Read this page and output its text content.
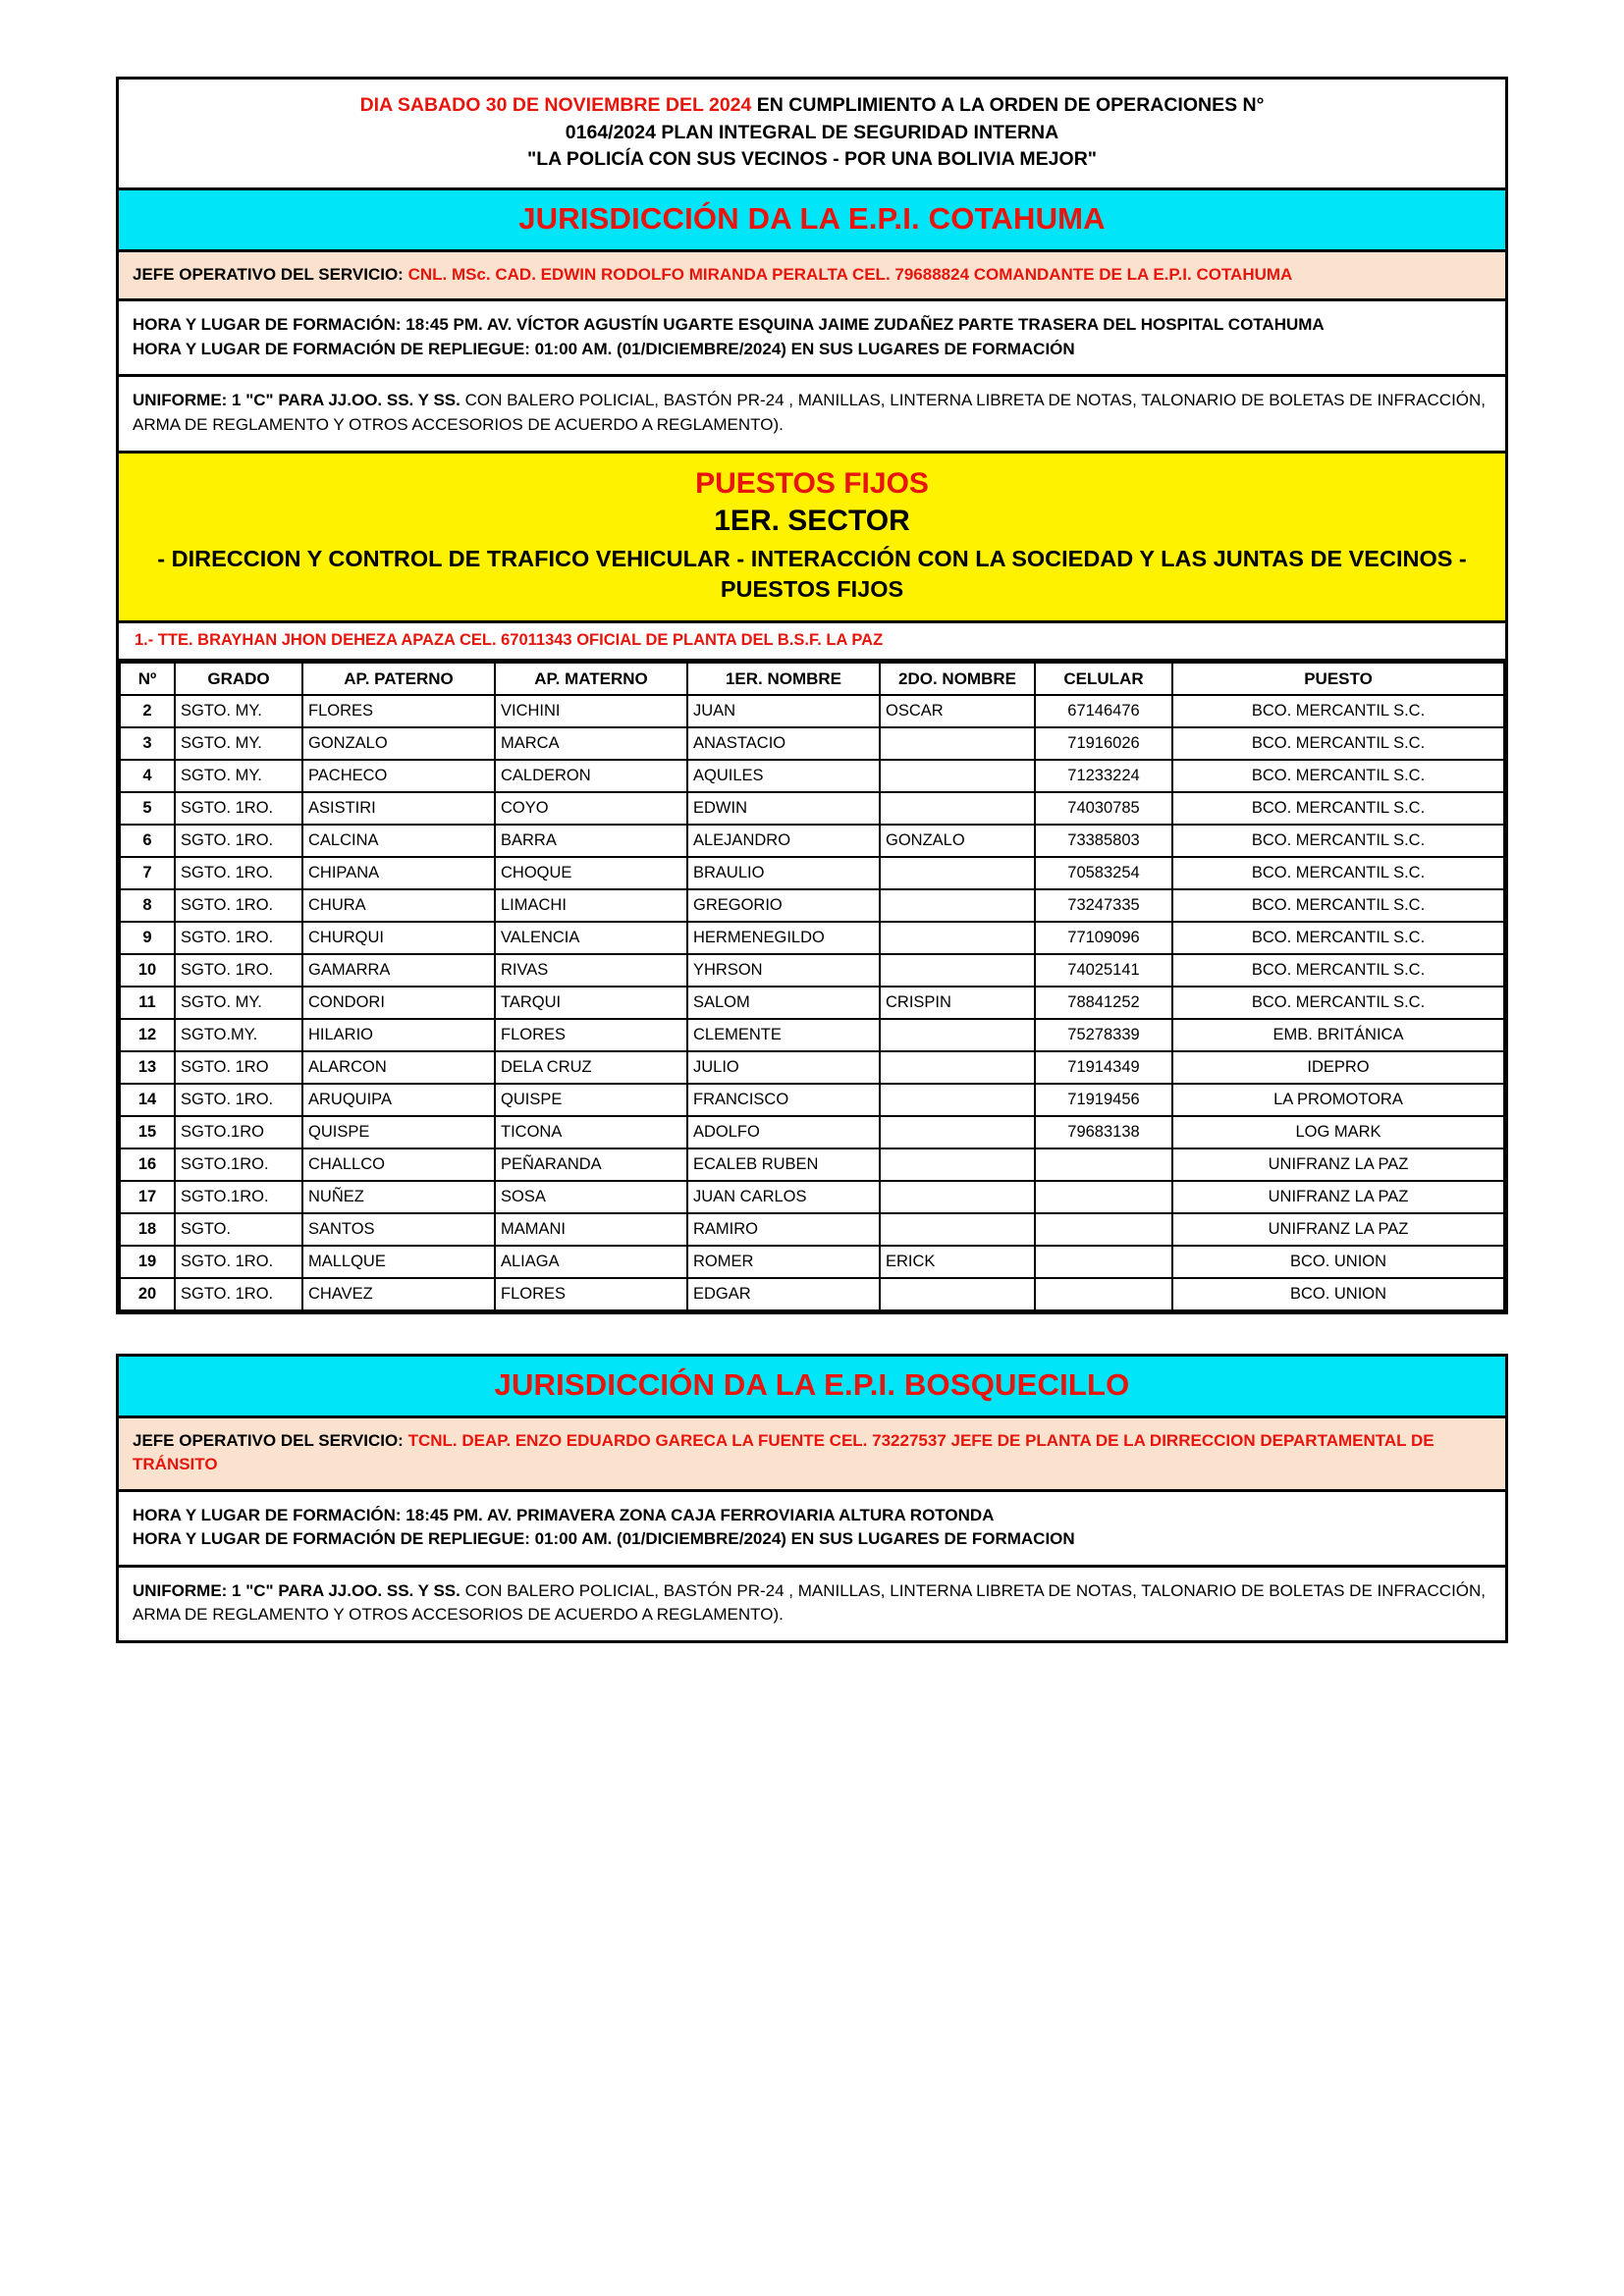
DIA SABADO 30 DE NOVIEMBRE DEL 2024 EN CUMPLIMIENTO A LA ORDEN DE OPERACIONES N°
0164/2024 PLAN INTEGRAL DE SEGURIDAD INTERNA
"LA POLICÍA CON SUS VECINOS - POR UNA BOLIVIA MEJOR"
JURISDICCIÓN DA LA E.P.I. COTAHUMA
JEFE OPERATIVO DEL SERVICIO: CNL. MSc. CAD. EDWIN RODOLFO MIRANDA PERALTA CEL. 79688824 COMANDANTE DE LA E.P.I. COTAHUMA
HORA Y LUGAR DE FORMACIÓN: 18:45 PM. AV. VÍCTOR AGUSTÍN UGARTE ESQUINA JAIME ZUDAÑEZ PARTE TRASERA DEL HOSPITAL COTAHUMA
HORA Y LUGAR DE FORMACIÓN DE REPLIEGUE: 01:00 AM. (01/DICIEMBRE/2024) EN SUS LUGARES DE FORMACIÓN
UNIFORME: 1 "C" PARA JJ.OO. SS. Y SS. CON BALERO POLICIAL, BASTÓN PR-24 , MANILLAS, LINTERNA LIBRETA DE NOTAS, TALONARIO DE BOLETAS DE INFRACCIÓN, ARMA DE REGLAMENTO Y OTROS ACCESORIOS DE ACUERDO A REGLAMENTO).
PUESTOS FIJOS
1ER. SECTOR
- DIRECCION Y CONTROL DE TRAFICO VEHICULAR - INTERACCIÓN CON LA SOCIEDAD Y LAS JUNTAS DE VECINOS - PUESTOS FIJOS
1.- TTE. BRAYHAN JHON DEHEZA APAZA CEL. 67011343 OFICIAL DE PLANTA DEL B.S.F. LA PAZ
Nº	GRADO	AP. PATERNO	AP. MATERNO	1ER. NOMBRE	2DO. NOMBRE	CELULAR	PUESTO
2	SGTO. MY.	FLORES	VICHINI	JUAN	OSCAR	67146476	BCO. MERCANTIL S.C.
3	SGTO. MY.	GONZALO	MARCA	ANASTACIO		71916026	BCO. MERCANTIL S.C.
4	SGTO. MY.	PACHECO	CALDERON	AQUILES		71233224	BCO. MERCANTIL S.C.
5	SGTO. 1RO.	ASISTIRI	COYO	EDWIN		74030785	BCO. MERCANTIL S.C.
6	SGTO. 1RO.	CALCINA	BARRA	ALEJANDRO	GONZALO	73385803	BCO. MERCANTIL S.C.
7	SGTO. 1RO.	CHIPANA	CHOQUE	BRAULIO		70583254	BCO. MERCANTIL S.C.
8	SGTO. 1RO.	CHURA	LIMACHI	GREGORIO		73247335	BCO. MERCANTIL S.C.
9	SGTO. 1RO.	CHURQUI	VALENCIA	HERMENEGILDO		77109096	BCO. MERCANTIL S.C.
10	SGTO. 1RO.	GAMARRA	RIVAS	YHRSON		74025141	BCO. MERCANTIL S.C.
11	SGTO. MY.	CONDORI	TARQUI	SALOM	CRISPIN	78841252	BCO. MERCANTIL S.C.
12	SGTO.MY.	HILARIO	FLORES	CLEMENTE		75278339	EMB. BRITÁNICA
13	SGTO. 1RO	ALARCON	DELA CRUZ	JULIO		71914349	IDEPRO
14	SGTO. 1RO.	ARUQUIPA	QUISPE	FRANCISCO		71919456	LA PROMOTORA
15	SGTO.1RO	QUISPE	TICONA	ADOLFO		79683138	LOG MARK
16	SGTO.1RO.	CHALLCO	PEÑARANDA	ECALEB RUBEN			UNIFRANZ LA PAZ
17	SGTO.1RO.	NUÑEZ	SOSA	JUAN CARLOS			UNIFRANZ LA PAZ
18	SGTO.	SANTOS	MAMANI	RAMIRO			UNIFRANZ LA PAZ
19	SGTO. 1RO.	MALLQUE	ALIAGA	ROMER	ERICK		BCO. UNION
20	SGTO. 1RO.	CHAVEZ	FLORES	EDGAR			BCO. UNION
JURISDICCIÓN DA LA E.P.I. BOSQUECILLO
JEFE OPERATIVO DEL SERVICIO: TCNL. DEAP. ENZO EDUARDO GARECA LA FUENTE CEL. 73227537 JEFE DE PLANTA DE LA DIRRECCION DEPARTAMENTAL DE TRÁNSITO
HORA Y LUGAR DE FORMACIÓN: 18:45 PM. AV. PRIMAVERA ZONA CAJA FERROVIARIA ALTURA ROTONDA
HORA Y LUGAR DE FORMACIÓN DE REPLIEGUE: 01:00 AM. (01/DICIEMBRE/2024) EN SUS LUGARES DE FORMACION
UNIFORME: 1 "C" PARA JJ.OO. SS. Y SS. CON BALERO POLICIAL, BASTÓN PR-24 , MANILLAS, LINTERNA LIBRETA DE NOTAS, TALONARIO DE BOLETAS DE INFRACCIÓN, ARMA DE REGLAMENTO Y OTROS ACCESORIOS DE ACUERDO A REGLAMENTO).
